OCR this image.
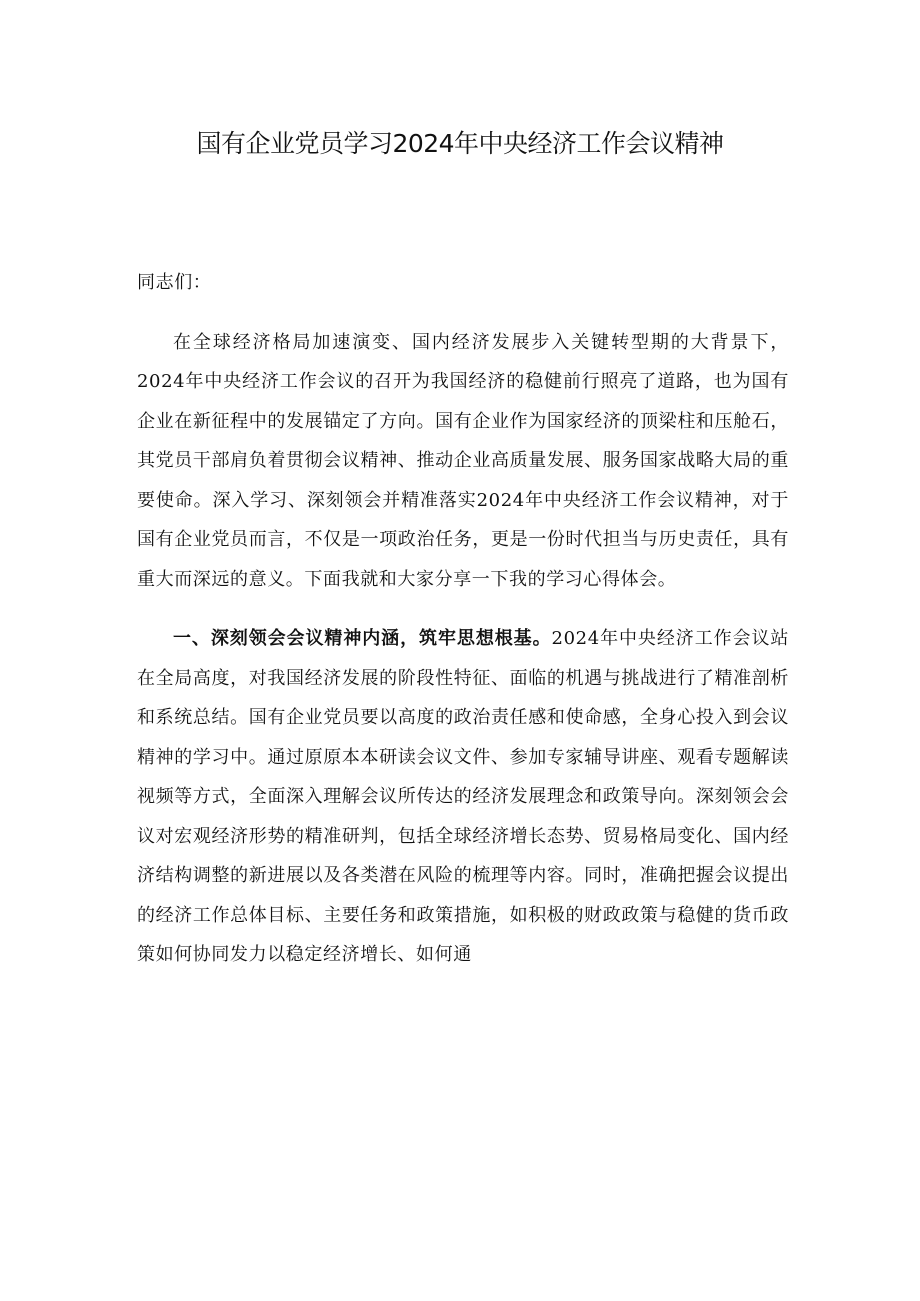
国有企业党员学习2024年中央经济工作会议精神

同志们：

在全球经济格局加速演变、国内经济发展步入关键转型期的大背景下，2024年中央经济工作会议的召开为我国经济的稳健前行照亮了道路，也为国有企业在新征程中的发展锚定了方向。国有企业作为国家经济的顶梁柱和压舱石，其党员干部肩负着贯彻会议精神、推动企业高质量发展、服务国家战略大局的重要使命。深入学习、深刻领会并精准落实2024年中央经济工作会议精神，对于国有企业党员而言，不仅是一项政治任务，更是一份时代担当与历史责任，具有重大而深远的意义。下面我就和大家分享一下我的学习心得体会。

一、深刻领会会议精神内涵，筑牢思想根基。2024年中央经济工作会议站在全局高度，对我国经济发展的阶段性特征、面临的机遇与挑战进行了精准剖析和系统总结。国有企业党员要以高度的政治责任感和使命感，全身心投入到会议精神的学习中。通过原原本本研读会议文件、参加专家辅导讲座、观看专题解读视频等方式，全面深入理解会议所传达的经济发展理念和政策导向。深刻领会会议对宏观经济形势的精准研判，包括全球经济增长态势、贸易格局变化、国内经济结构调整的新进展以及各类潜在风险的梳理等内容。同时，准确把握会议提出的经济工作总体目标、主要任务和政策措施，如积极的财政政策与稳健的货币政策如何协同发力以稳定经济增长、如何通
